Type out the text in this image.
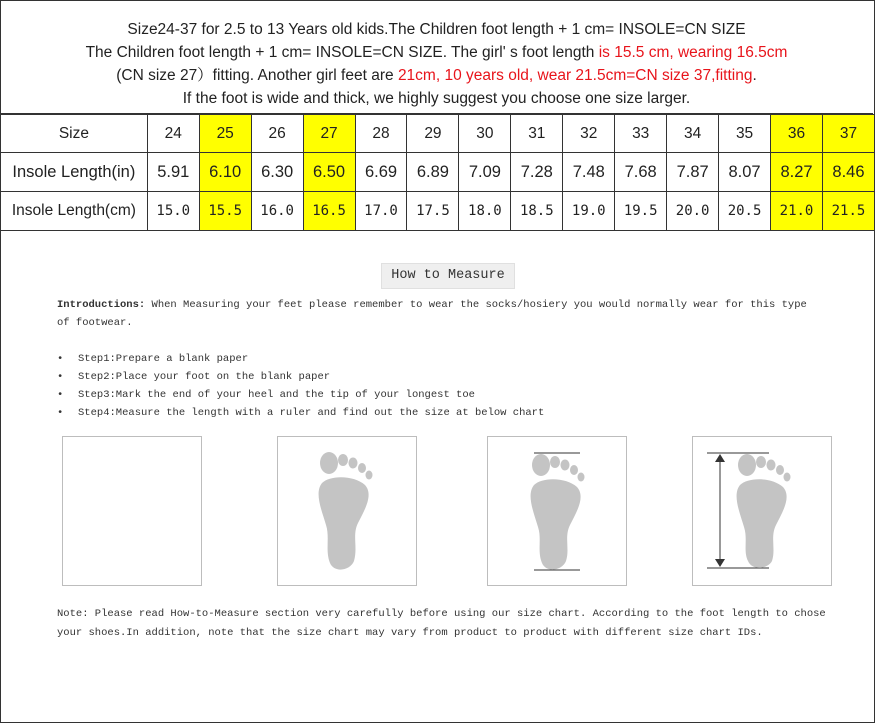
Size24-37 for 2.5 to 13 Years old kids.The Children foot length + 1 cm= INSOLE=CN SIZE
The Children foot length + 1 cm= INSOLE=CN SIZE. The girl' s foot length is 15.5 cm, wearing 16.5cm
(CN size 27）fitting. Another girl feet are 21cm, 10 years old, wear 21.5cm=CN size 37,fitting.
If the foot is wide and thick, we highly suggest you choose one size larger.
Size	24	25	26	27	28	29	30	31	32	33	34	35	36	37
Insole Length(in)	5.91	6.10	6.30	6.50	6.69	6.89	7.09	7.28	7.48	7.68	7.87	8.07	8.27	8.46
Insole Length(cm)	15.0	15.5	16.0	16.5	17.0	17.5	18.0	18.5	19.0	19.5	20.0	20.5	21.0	21.5
How to Measure
Introductions: When Measuring your feet please remember to wear the socks/hosiery you would normally wear for this type of footwear.
• Step1:Prepare a blank paper
• Step2:Place your foot on the blank paper
• Step3:Mark the end of your heel and the tip of your longest toe
• Step4:Measure the length with a ruler and find out the size at below chart
Note: Please read How-to-Measure section very carefully before using our size chart. According to the foot length to chose your shoes.In addition, note that the size chart may vary from product to product with different size chart IDs.
